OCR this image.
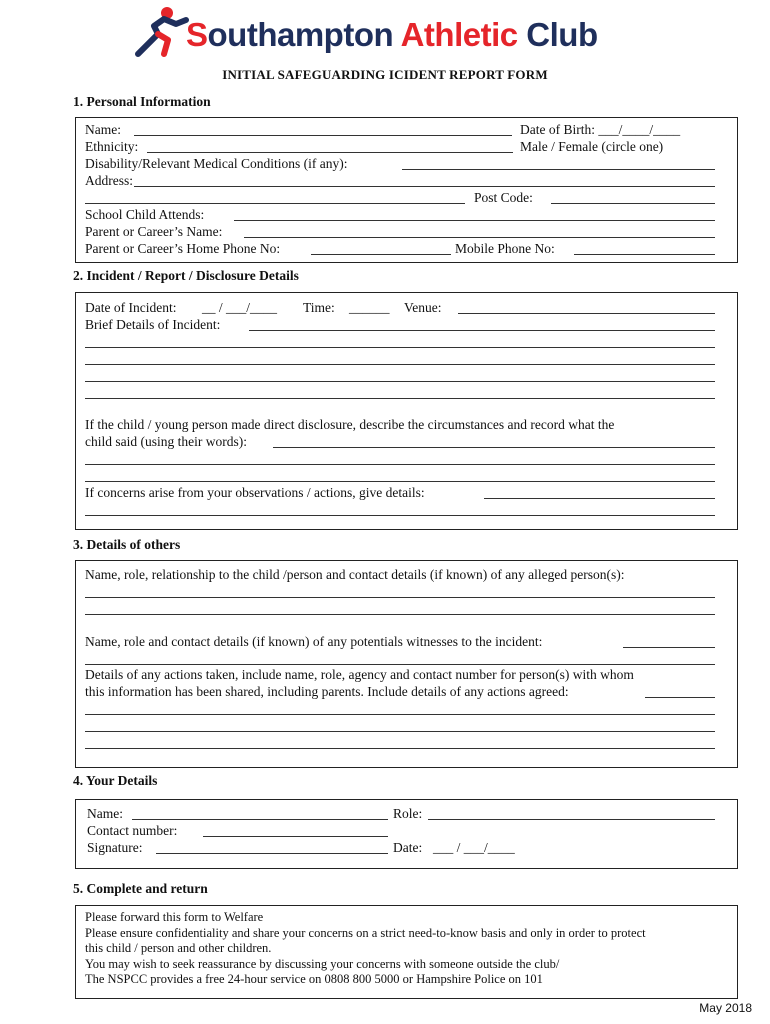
Southampton Athletic Club
INITIAL SAFEGUARDING ICIDENT REPORT FORM
1. Personal Information
Name:	Date of Birth: ___/____/____
Ethnicity:	Male / Female (circle one)
Disability/Relevant Medical Conditions (if any):
Address:
Post Code:
School Child Attends:
Parent or Career’s Name:
Parent or Career’s Home Phone No:	Mobile Phone No:
2. Incident / Report / Disclosure Details
Date of Incident: __ / ___/____ Time: ______ Venue:
Brief Details of Incident:
If the child / young person made direct disclosure, describe the circumstances and record what the
child said (using their words):
If concerns arise from your observations / actions, give details:
3. Details of others
Name, role, relationship to the child /person and contact details (if known) of any alleged person(s):
Name, role and contact details (if known) of any potentials witnesses to the incident:
Details of any actions taken, include name, role, agency and contact number for person(s) with whom
this information has been shared, including parents. Include details of any actions agreed:
4. Your Details
Name:	Role:
Contact number:
Signature:	Date: ___ / ___/____
5. Complete and return
Please forward this form to Welfare
Please ensure confidentiality and share your concerns on a strict need-to-know basis and only in order to protect
this child / person and other children.
You may wish to seek reassurance by discussing your concerns with someone outside the club/
The NSPCC provides a free 24-hour service on 0808 800 5000 or Hampshire Police on 101
May 2018
